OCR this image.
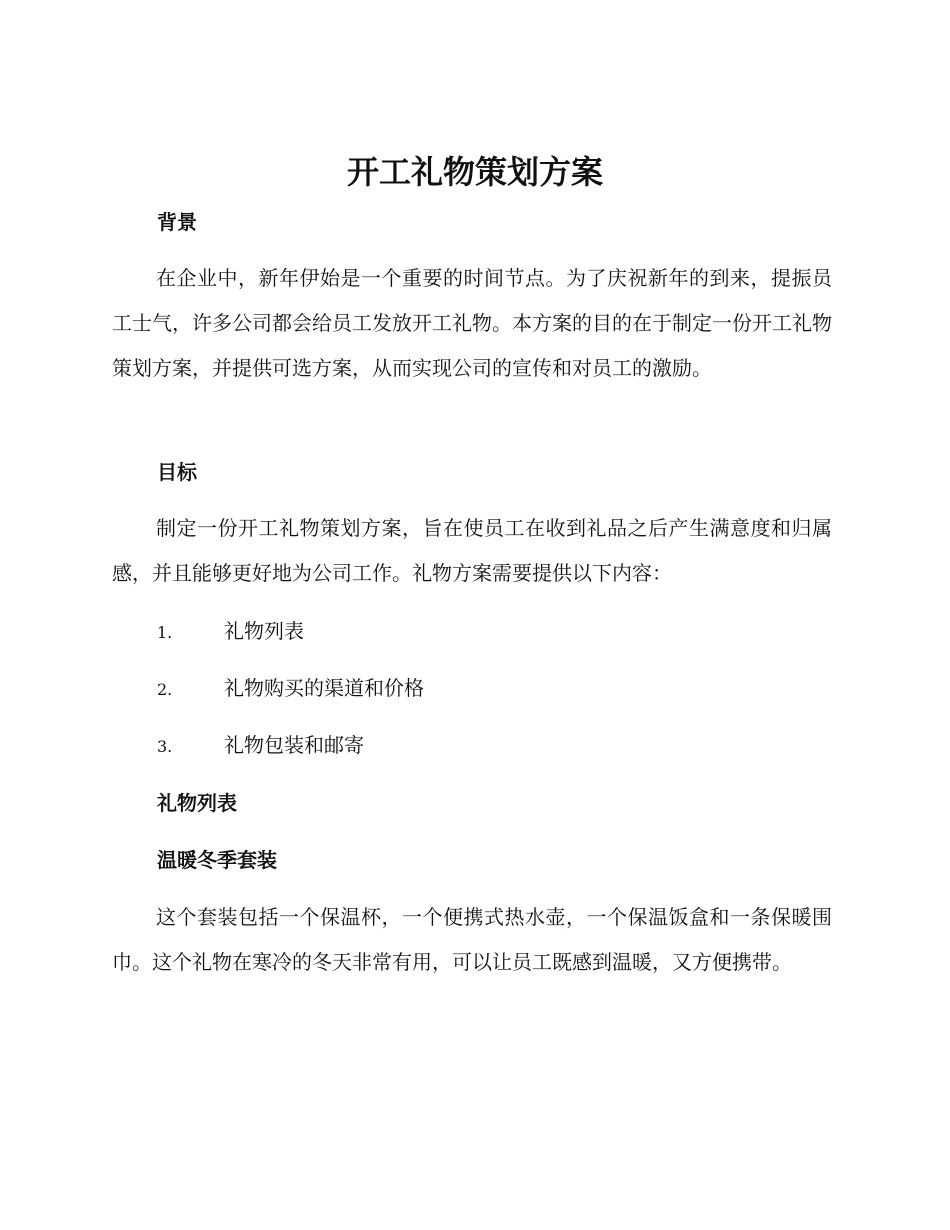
开工礼物策划方案
背景

在企业中，新年伊始是一个重要的时间节点。为了庆祝新年的到来，提振员工士气，许多公司都会给员工发放开工礼物。本方案的目的在于制定一份开工礼物策划方案，并提供可选方案，从而实现公司的宣传和对员工的激励。

目标

制定一份开工礼物策划方案，旨在使员工在收到礼品之后产生满意度和归属感，并且能够更好地为公司工作。礼物方案需要提供以下内容：

1.	礼物列表
2.	礼物购买的渠道和价格
3.	礼物包装和邮寄
礼物列表
温暖冬季套装

这个套装包括一个保温杯，一个便携式热水壶，一个保温饭盒和一条保暖围巾。这个礼物在寒冷的冬天非常有用，可以让员工既感到温暖，又方便携带。
